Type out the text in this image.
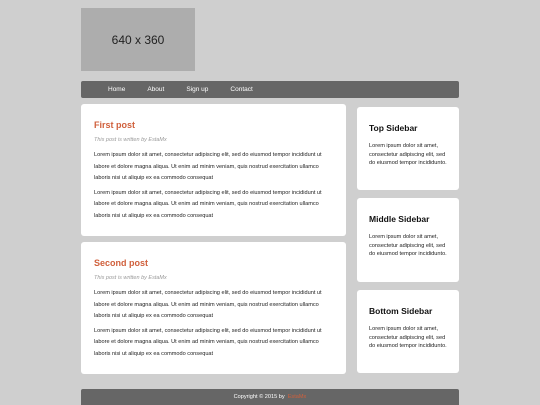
640 x 360
Home	About	Sign up	Contact
First post
This post is written by EstaMx

Lorem ipsum dolor sit amet, consectetur adipiscing elit, sed do eiusmod tempor incididunt ut labore et dolore magna aliqua. Ut enim ad minim veniam, quis nostrud exercitation ullamco laboris nisi ut aliquip ex ea commodo consequat

Lorem ipsum dolor sit amet, consectetur adipiscing elit, sed do eiusmod tempor incididunt ut labore et dolore magna aliqua. Ut enim ad minim veniam, quis nostrud exercitation ullamco laboris nisi ut aliquip ex ea commodo consequat

Second post
This post is written by EstaMx

Lorem ipsum dolor sit amet, consectetur adipiscing elit, sed do eiusmod tempor incididunt ut labore et dolore magna aliqua. Ut enim ad minim veniam, quis nostrud exercitation ullamco laboris nisi ut aliquip ex ea commodo consequat

Lorem ipsum dolor sit amet, consectetur adipiscing elit, sed do eiusmod tempor incididunt ut labore et dolore magna aliqua. Ut enim ad minim veniam, quis nostrud exercitation ullamco laboris nisi ut aliquip ex ea commodo consequat

Top Sidebar
Lorem ipsum dolor sit amet, consectetur adipiscing elit, sed do eiusmod tempor incididunto.
Middle Sidebar
Lorem ipsum dolor sit amet, consectetur adipiscing elit, sed do eiusmod tempor incididunto.
Bottom Sidebar
Lorem ipsum dolor sit amet, consectetur adipiscing elit, sed do eiusmod tempor incididunto.
Copyright © 2015 by EstaMx
